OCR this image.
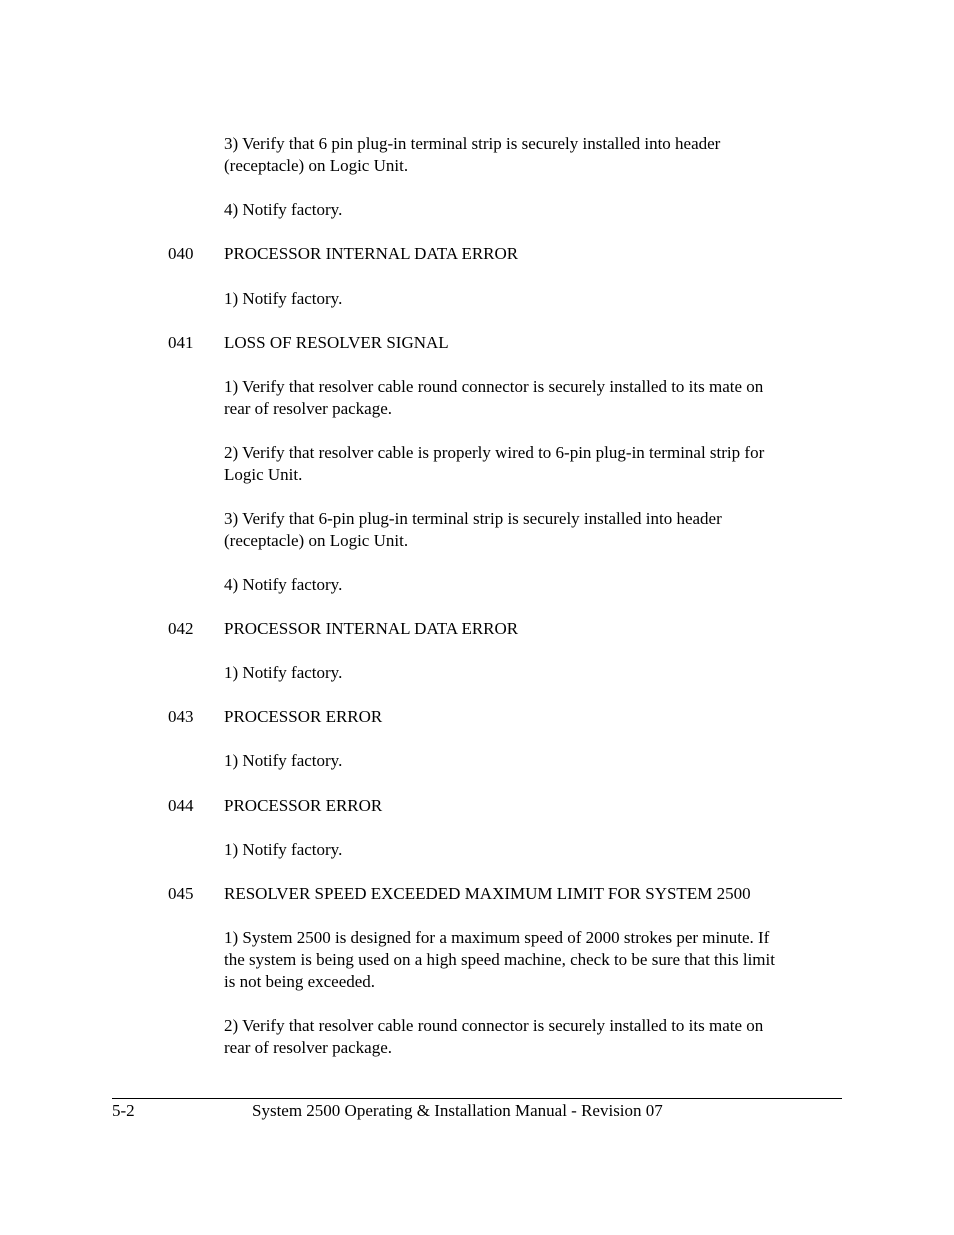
3) Verify that 6 pin plug-in terminal strip is securely installed into header
(receptacle) on Logic Unit.
4) Notify factory.
040 PROCESSOR INTERNAL DATA ERROR
1) Notify factory.
041 LOSS OF RESOLVER SIGNAL
1) Verify that resolver cable round connector is securely installed to its mate on
rear of resolver package.
2) Verify that resolver cable is properly wired to 6-pin plug-in terminal strip for
Logic Unit.
3) Verify that 6-pin plug-in terminal strip is securely installed into header
(receptacle) on Logic Unit.
4) Notify factory.
042 PROCESSOR INTERNAL DATA ERROR
1) Notify factory.
043 PROCESSOR ERROR
1) Notify factory.
044 PROCESSOR ERROR
1) Notify factory.
045 RESOLVER SPEED EXCEEDED MAXIMUM LIMIT FOR SYSTEM 2500
1) System 2500 is designed for a maximum speed of 2000 strokes per minute. If
the system is being used on a high speed machine, check to be sure that this limit
is not being exceeded.
2) Verify that resolver cable round connector is securely installed to its mate on
rear of resolver package.
5-2	System 2500 Operating & Installation Manual - Revision 07
